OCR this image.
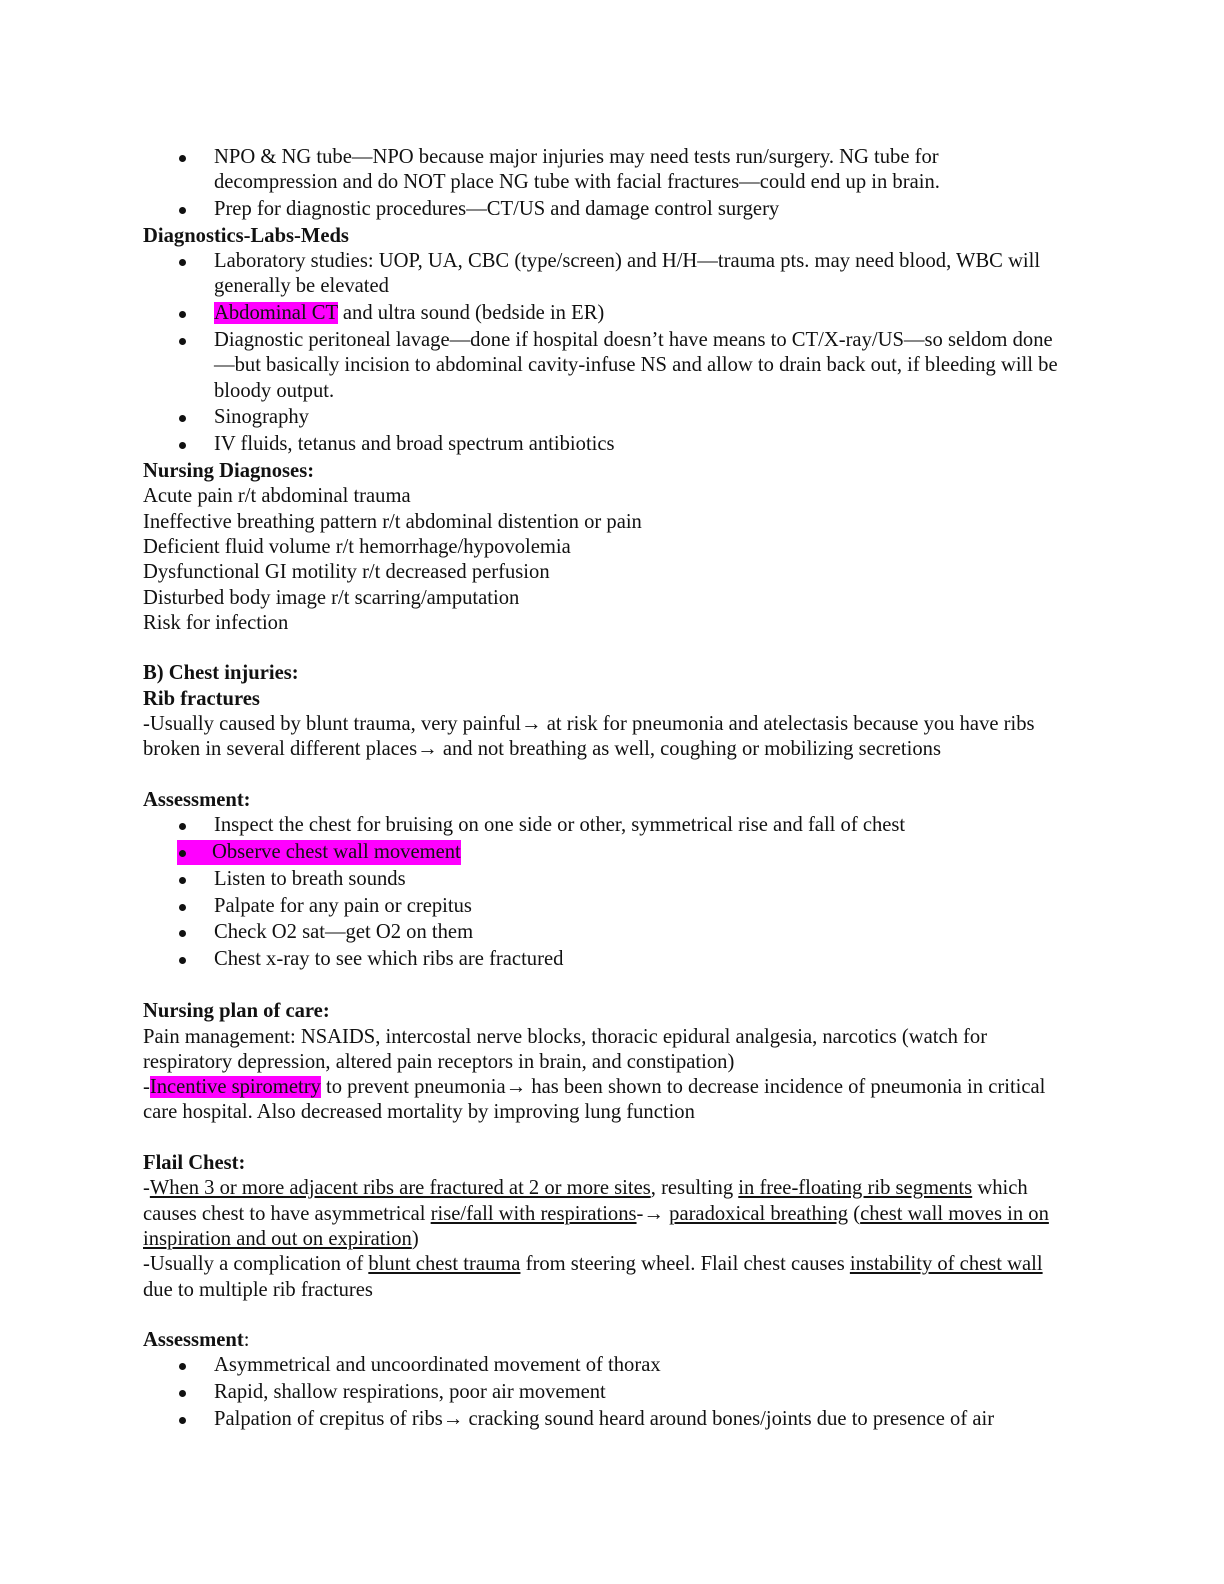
NPO & NG tube—NPO because major injuries may need tests run/surgery. NG tube for decompression and do NOT place NG tube with facial fractures—could end up in brain.
Prep for diagnostic procedures—CT/US and damage control surgery
Diagnostics-Labs-Meds
Laboratory studies: UOP, UA, CBC (type/screen) and H/H—trauma pts. may need blood, WBC will generally be elevated
Abdominal CT and ultra sound (bedside in ER)
Diagnostic peritoneal lavage—done if hospital doesn’t have means to CT/X-ray/US—so seldom done—but basically incision to abdominal cavity-infuse NS and allow to drain back out, if bleeding will be bloody output.
Sinography
IV fluids, tetanus and broad spectrum antibiotics
Nursing Diagnoses:
Acute pain r/t abdominal trauma
Ineffective breathing pattern r/t abdominal distention or pain
Deficient fluid volume r/t hemorrhage/hypovolemia
Dysfunctional GI motility r/t decreased perfusion
Disturbed body image r/t scarring/amputation
Risk for infection
B) Chest injuries:
Rib fractures
-Usually caused by blunt trauma, very painful→ at risk for pneumonia and atelectasis because you have ribs broken in several different places→ and not breathing as well, coughing or mobilizing secretions
Assessment:
Inspect the chest for bruising on one side or other, symmetrical rise and fall of chest
Observe chest wall movement
Listen to breath sounds
Palpate for any pain or crepitus
Check O2 sat—get O2 on them
Chest x-ray to see which ribs are fractured
Nursing plan of care:
Pain management: NSAIDS, intercostal nerve blocks, thoracic epidural analgesia, narcotics (watch for respiratory depression, altered pain receptors in brain, and constipation)
-Incentive spirometry to prevent pneumonia→ has been shown to decrease incidence of pneumonia in critical care hospital. Also decreased mortality by improving lung function
Flail Chest:
-When 3 or more adjacent ribs are fractured at 2 or more sites, resulting in free-floating rib segments which causes chest to have asymmetrical rise/fall with respirations-→ paradoxical breathing (chest wall moves in on inspiration and out on expiration)
-Usually a complication of blunt chest trauma from steering wheel. Flail chest causes instability of chest wall due to multiple rib fractures
Assessment:
Asymmetrical and uncoordinated movement of thorax
Rapid, shallow respirations, poor air movement
Palpation of crepitus of ribs→ cracking sound heard around bones/joints due to presence of air
